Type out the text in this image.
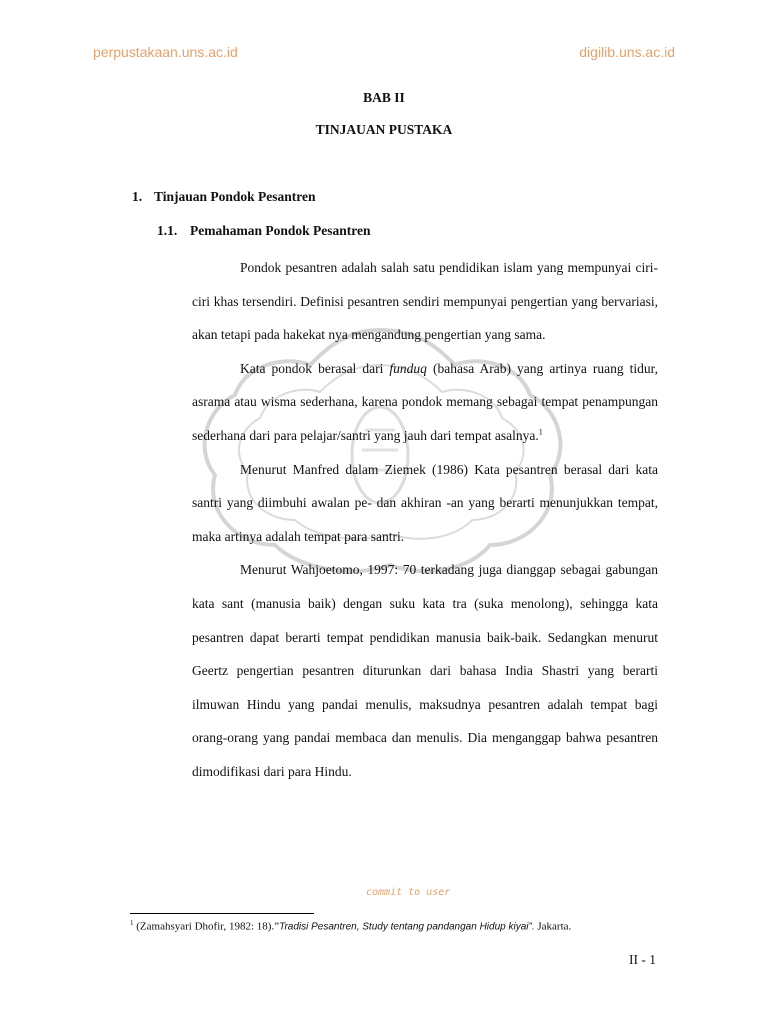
perpustakaan.uns.ac.id	digilib.uns.ac.id
BAB II
TINJAUAN PUSTAKA
1. Tinjauan Pondok Pesantren
1.1. Pemahaman Pondok Pesantren

Pondok pesantren adalah salah satu pendidikan islam yang mempunyai ciri-ciri khas tersendiri. Definisi pesantren sendiri mempunyai pengertian yang bervariasi, akan tetapi pada hakekat nya mengandung pengertian yang sama.

Kata pondok berasal dari funduq (bahasa Arab) yang artinya ruang tidur, asrama atau wisma sederhana, karena pondok memang sebagai tempat penampungan sederhana dari para pelajar/santri yang jauh dari tempat asalnya.$^1$

Menurut Manfred dalam Ziemek (1986) Kata pesantren berasal dari kata santri yang diimbuhi awalan pe- dan akhiran -an yang berarti menunjukkan tempat, maka artinya adalah tempat para santri.

Menurut Wahjoetomo, 1997: 70 terkadang juga dianggap sebagai gabungan kata sant (manusia baik) dengan suku kata tra (suka menolong), sehingga kata pesantren dapat berarti tempat pendidikan manusia baik-baik. Sedangkan menurut Geertz pengertian pesantren diturunkan dari bahasa India Shastri yang berarti ilmuwan Hindu yang pandai menulis, maksudnya pesantren adalah tempat bagi orang-orang yang pandai membaca dan menulis. Dia menganggap bahwa pesantren dimodifikasi dari para Hindu.

commit to user
$^1$ (Zamahsyari Dhofir, 1982: 18).”Tradisi Pesantren, Study tentang pandangan Hidup kiyai”. Jakarta.
II - 1
